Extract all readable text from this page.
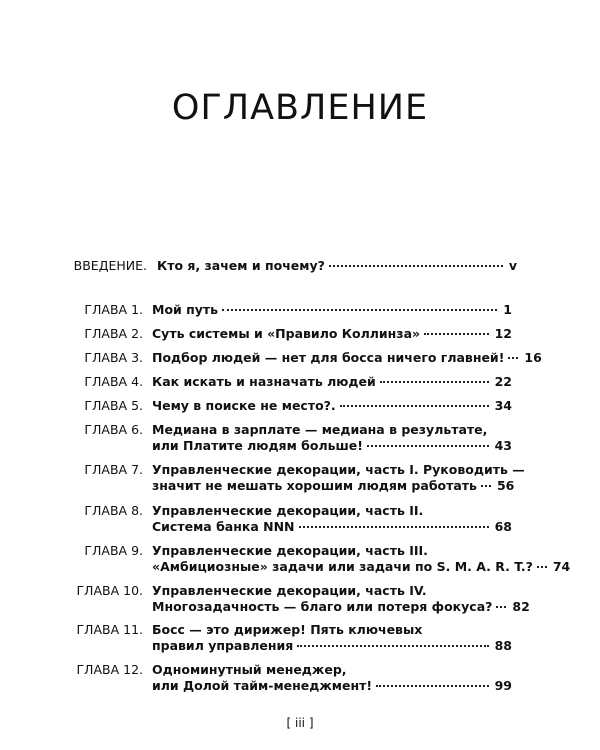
ОГЛАВЛЕНИЕ
ВВЕДЕНИЕ. Кто я, зачем и почему?	v
ГЛАВА 1. Мой путь	1
ГЛАВА 2. Суть системы и «Правило Коллинза»	12
ГЛАВА 3. Подбор людей — нет для босса ничего главней! 16
ГЛАВА 4. Как искать и назначать людей	22
ГЛАВА 5. Чему в поиске не место?.	34
ГЛАВА 6. Медиана в зарплате — медиана в результате,
или Платите людям больше!	43
ГЛАВА 7. Управленческие декорации, часть I. Руководить —
значит не мешать хорошим людям работать 56
ГЛАВА 8. Управленческие декорации, часть II.
Система банка NNN	68
ГЛАВА 9. Управленческие декорации, часть III.
«Амбициозные» задачи или задачи по S. M. A. R. T.? 74
ГЛАВА 10. Управленческие декорации, часть IV.
Многозадачность — благо или потеря фокуса? 82
ГЛАВА 11. Босс — это дирижер! Пять ключевых
правил управления	88
ГЛАВА 12. Одноминутный менеджер,
или Долой тайм-менеджмент!	99
[ iii ]
